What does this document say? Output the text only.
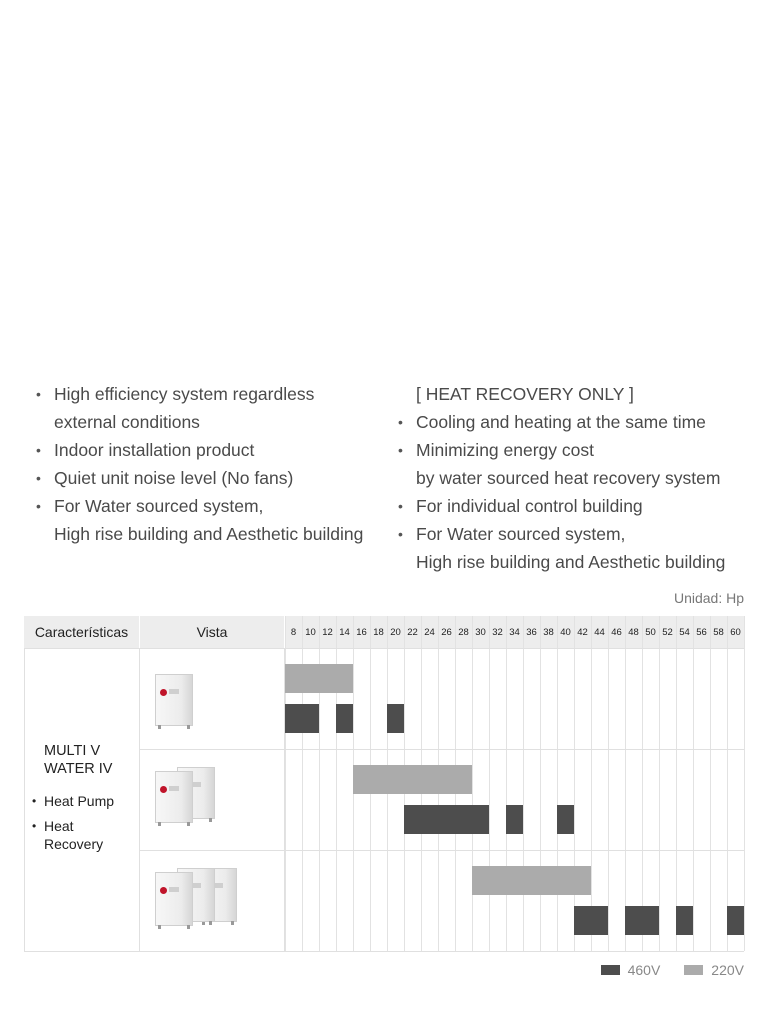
• High efficiency system regardless
external conditions
• Indoor installation product
• Quiet unit noise level (No fans)
• For Water sourced system,
High rise building and Aesthetic building
[ HEAT RECOVERY ONLY ]
• Cooling and heating at the same time
• Minimizing energy cost
by water sourced heat recovery system
• For individual control building
• For Water sourced system,
High rise building and Aesthetic building
Unidad: Hp
Características	Vista	8 10 12 14 16 18 20 22 24 26 28 30 32 34 36 38 40 42 44 46 48 50 52 54 56 58 60
MULTI V
WATER IV
• Heat Pump
• Heat
Recovery
460V	220V
